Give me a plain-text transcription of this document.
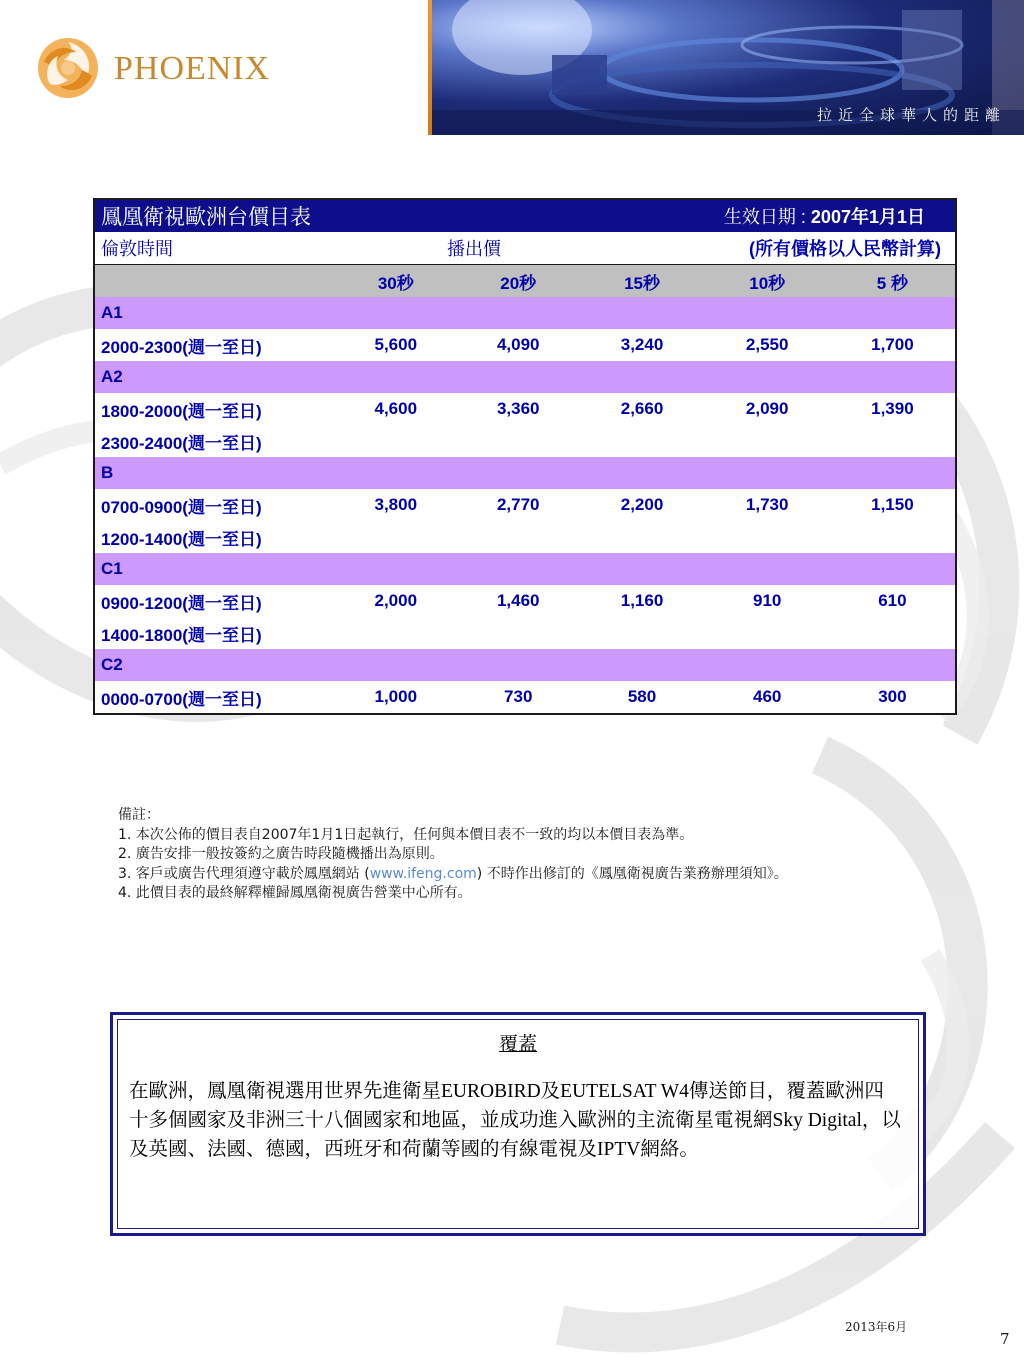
PHOENIX
拉近全球華人的距離
鳳凰衛視歐洲台價目表			生效日期 : 2007年1月1日		
倫敦時間	播出價		(所有價格以人民幣計算)		
	30秒	20秒	15秒	10秒	5 秒
A1					
2000-2300(週一至日)	5,600	4,090	3,240	2,550	1,700
A2					
1800-2000(週一至日)	4,600	3,360	2,660	2,090	1,390
2300-2400(週一至日)					
B					
0700-0900(週一至日)	3,800	2,770	2,200	1,730	1,150
1200-1400(週一至日)					
C1					
0900-1200(週一至日)	2,000	1,460	1,160	910	610
1400-1800(週一至日)					
C2					
0000-0700(週一至日)	1,000	730	580	460	300
備註：
1. 本次公佈的價目表自2007年1月1日起執行，任何與本價目表不一致的均以本價目表為準。
2. 廣告安排一般按簽約之廣告時段隨機播出為原則。
3. 客戶或廣告代理須遵守載於鳳凰網站 (www.ifeng.com) 不時作出修訂的《鳳凰衛視廣告業務辦理須知》。
4. 此價目表的最終解釋權歸鳳凰衛視廣告營業中心所有。
覆蓋
在歐洲，鳳凰衛視選用世界先進衛星EUROBIRD及EUTELSAT W4傳送節目，覆蓋歐洲四十多個國家及非洲三十八個國家和地區，並成功進入歐洲的主流衛星電視網Sky Digital，以及英國、法國、德國，西班牙和荷蘭等國的有線電視及IPTV網絡。
2013年6月
7
